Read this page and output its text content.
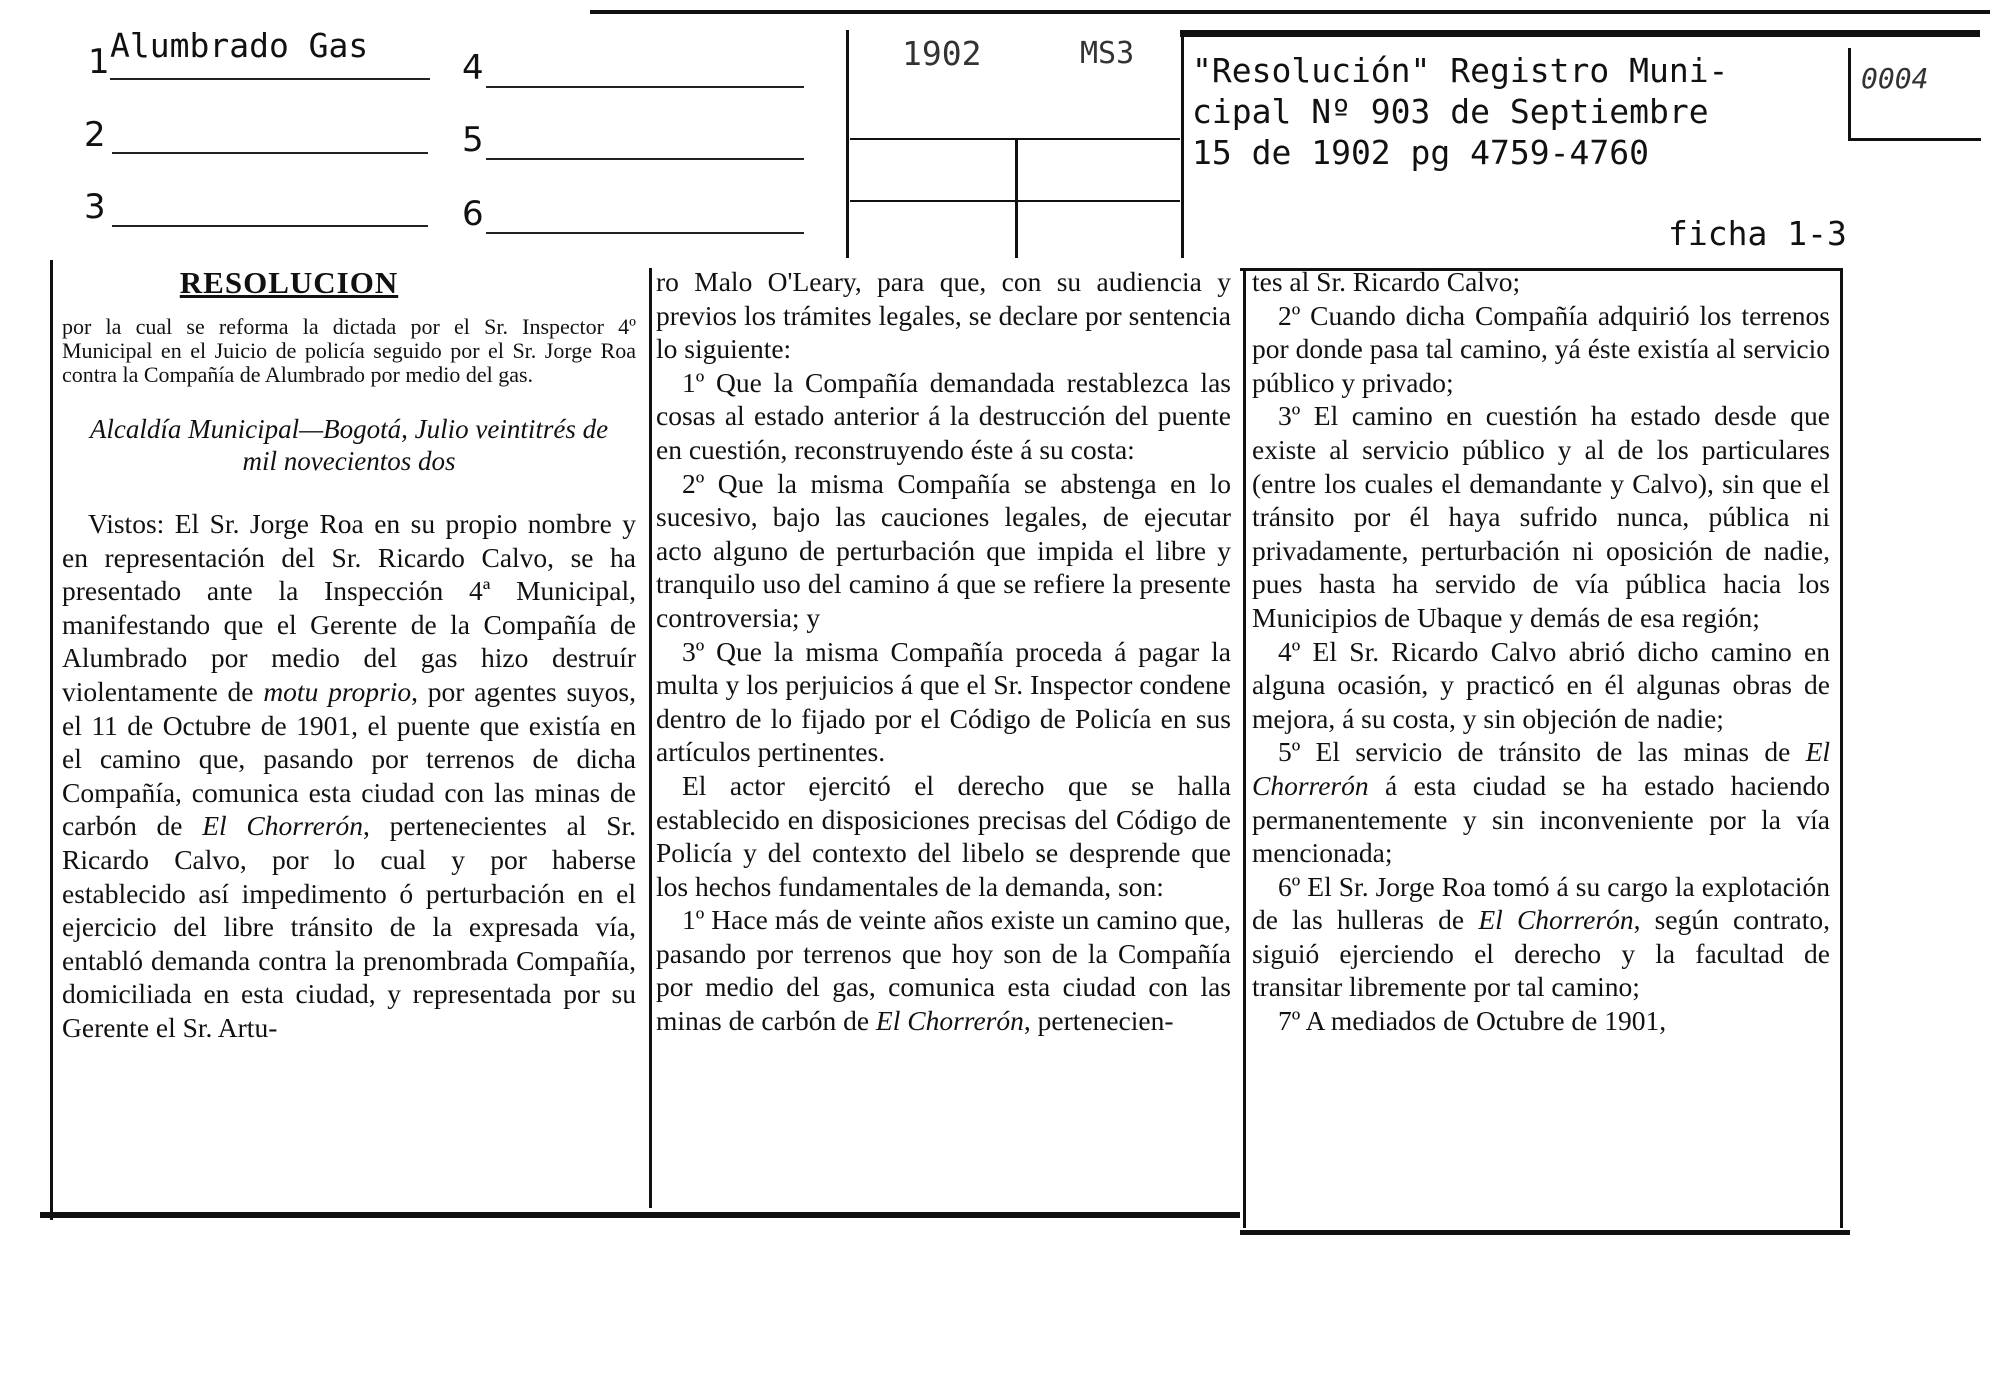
1 Alumbrado Gas
2
3
4
5
6
1902	MS3 "Resolución" Registro Muni-
cipal Nº 903 de Septiembre
15 de 1902 pg 4759-4760
0004
ficha 1-3
RESOLUCION

por la cual se reforma la dictada por el Sr. Inspector 4º Municipal en el Juicio de policía seguido por el Sr. Jorge Roa contra la Compañía de Alumbrado por medio del gas.

Alcaldía Municipal—Bogotá, Julio veintitrés de mil novecientos dos

Vistos: El Sr. Jorge Roa en su propio nombre y en representación del Sr. Ricardo Calvo, se ha presentado ante la Inspección 4ª Municipal, manifestando que el Gerente de la Compañía de Alumbrado por medio del gas hizo destruír violentamente de motu proprio, por agentes suyos, el 11 de Octubre de 1901, el puente que existía en el camino que, pasando por terrenos de dicha Compañía, comunica esta ciudad con las minas de carbón de El Chorrerón, pertenecientes al Sr. Ricardo Calvo, por lo cual y por haberse establecido así impedimento ó perturbación en el ejercicio del libre tránsito de la expresada vía, entabló demanda contra la prenombrada Compañía, domiciliada en esta ciudad, y representada por su Gerente el Sr. Artu-

ro Malo O'Leary, para que, con su audiencia y previos los trámites legales, se declare por sentencia lo siguiente:

1º Que la Compañía demandada restablezca las cosas al estado anterior á la destrucción del puente en cuestión, reconstruyendo éste á su costa:

2º Que la misma Compañía se abstenga en lo sucesivo, bajo las cauciones legales, de ejecutar acto alguno de perturbación que impida el libre y tranquilo uso del camino á que se refiere la presente controversia; y

3º Que la misma Compañía proceda á pagar la multa y los perjuicios á que el Sr. Inspector condene dentro de lo fijado por el Código de Policía en sus artículos pertinentes.

El actor ejercitó el derecho que se halla establecido en disposiciones precisas del Código de Policía y del contexto del libelo se desprende que los hechos fundamentales de la demanda, son:

1º Hace más de veinte años existe un camino que, pasando por terrenos que hoy son de la Compañía por medio del gas, comunica esta ciudad con las minas de carbón de El Chorrerón, pertenecien-

tes al Sr. Ricardo Calvo;

2º Cuando dicha Compañía adquirió los terrenos por donde pasa tal camino, yá éste existía al servicio público y privado;

3º El camino en cuestión ha estado desde que existe al servicio público y al de los particulares (entre los cuales el demandante y Calvo), sin que el tránsito por él haya sufrido nunca, pública ni privadamente, perturbación ni oposición de nadie, pues hasta ha servido de vía pública hacia los Municipios de Ubaque y demás de esa región;

4º El Sr. Ricardo Calvo abrió dicho camino en alguna ocasión, y practicó en él algunas obras de mejora, á su costa, y sin objeción de nadie;

5º El servicio de tránsito de las minas de El Chorrerón á esta ciudad se ha estado haciendo permanentemente y sin inconveniente por la vía mencionada;

6º El Sr. Jorge Roa tomó á su cargo la explotación de las hulleras de El Chorrerón, según contrato, siguió ejerciendo el derecho y la facultad de transitar libremente por tal camino;

7º A mediados de Octubre de 1901,
